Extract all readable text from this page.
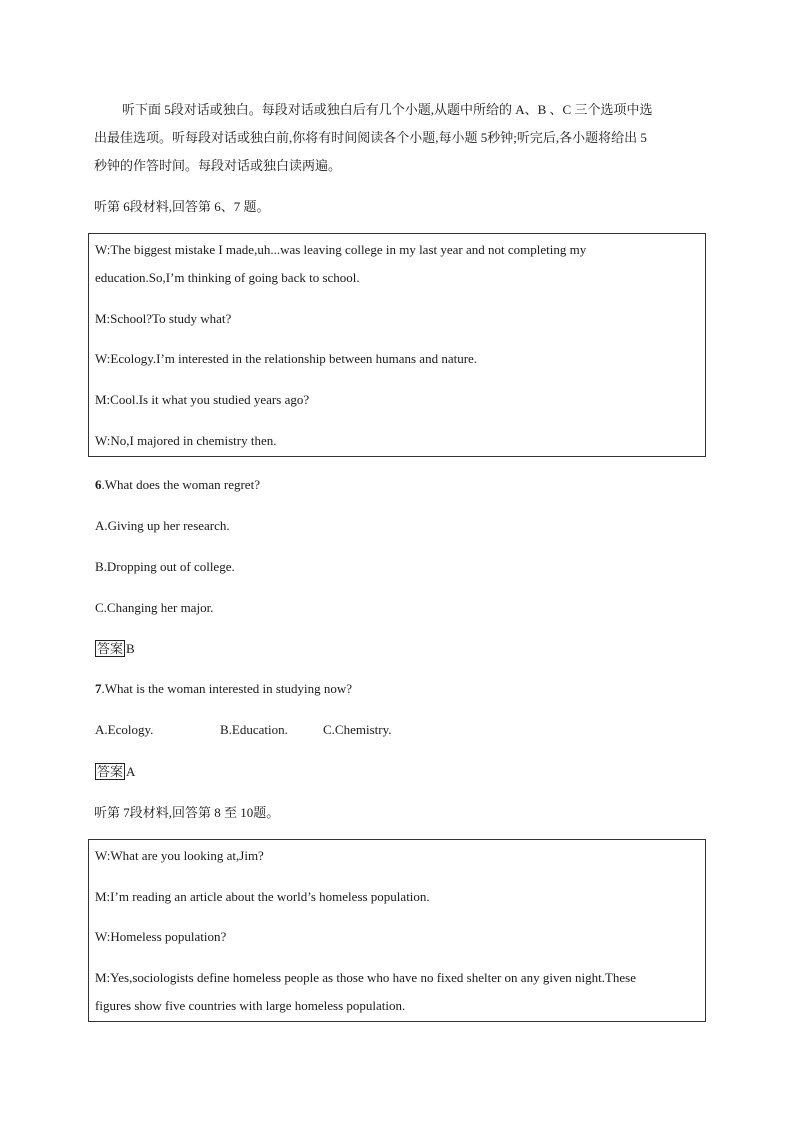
听下面 5段对话或独白。每段对话或独白后有几个小题,从题中所给的 A、B 、C 三个选项中选
出最佳选项。听每段对话或独白前,你将有时间阅读各个小题,每小题 5秒钟;听完后,各小题将给出 5
秒钟的作答时间。每段对话或独白读两遍。
听第 6段材料,回答第 6、7 题。
W:The biggest mistake I made,uh...was leaving college in my last year and not completing my
education.So,I’m thinking of going back to school.
M:School?To study what?
W:Ecology.I’m interested in the relationship between humans and nature.
M:Cool.Is it what you studied years ago?
W:No,I majored in chemistry then.
6.What does the woman regret?
A.Giving up her research.
B.Dropping out of college.
C.Changing her major.
答案 B
7.What is the woman interested in studying now?
A.Ecology.	B.Education.	C.Chemistry.
答案 A
听第 7段材料,回答第 8 至 10题。
W:What are you looking at,Jim?
M:I’m reading an article about the world’s homeless population.
W:Homeless population?
M:Yes,sociologists define homeless people as those who have no fixed shelter on any given night.These
figures show five countries with large homeless population.
